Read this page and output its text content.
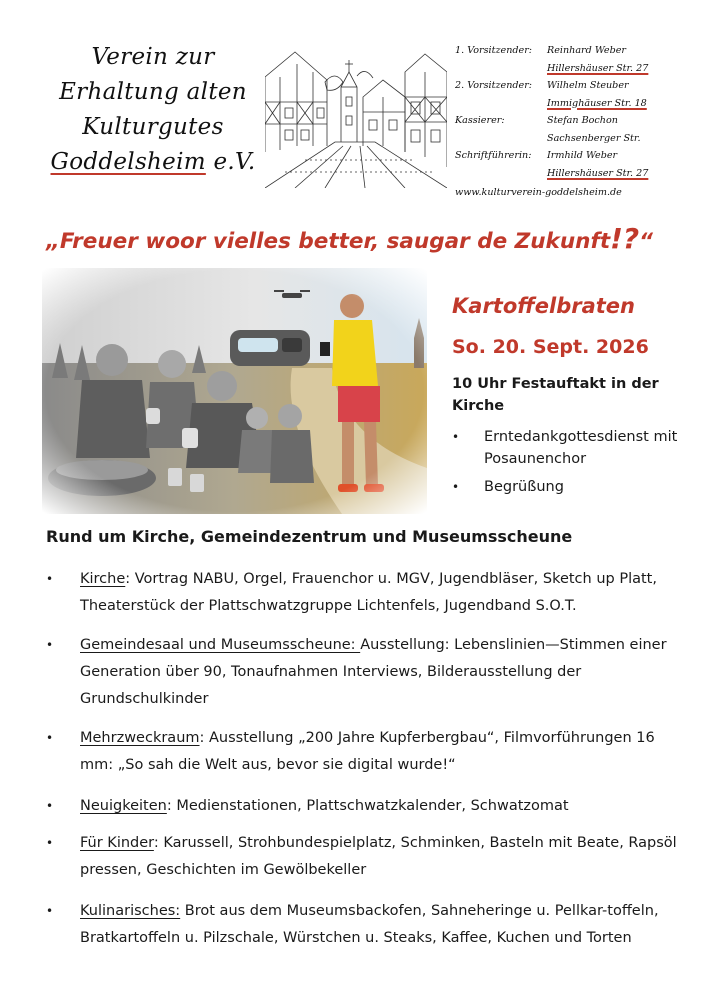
Verein zur
Erhaltung alten
Kulturgutes
Goddelsheim e.V.
1. Vorsitzender:	Reinhard Weber
Hillershäuser Str. 27
2. Vorsitzender:	Wilhelm Steuber
Immighäuser Str. 18
Kassierer:	Stefan Bochon
Sachsenberger Str.
Schriftführerin:	Irmhild Weber
Hillershäuser Str. 27
www.kulturverein-goddelsheim.de
„Freuer woor vielles better, saugar de Zukunft!?“
Kartoffelbraten
So. 20. Sept. 2026
10 Uhr Festauftakt in der Kirche
• Erntedankgottesdienst mit Posaunenchor
• Begrüßung
Rund um Kirche, Gemeindezentrum und Museumsscheune
• Kirche: Vortrag NABU, Orgel, Frauenchor u. MGV, Jugendbläser, Sketch up Platt, Theaterstück der Plattschwatzgruppe Lichtenfels, Jugendband S.O.T.
• Gemeindesaal und Museumsscheune: Ausstellung: Lebenslinien—Stimmen einer Generation über 90, Tonaufnahmen Interviews, Bilderausstellung der Grundschulkinder
• Mehrzweckraum: Ausstellung „200 Jahre Kupferbergbau“, Filmvorführungen 16 mm: „So sah die Welt aus, bevor sie digital wurde!“
• Neuigkeiten: Medienstationen, Plattschwatzkalender, Schwatzomat
• Für Kinder: Karussell, Strohbundespielplatz, Schminken, Basteln mit Beate, Rapsöl pressen, Geschichten im Gewölbekeller
• Kulinarisches: Brot aus dem Museumsbackofen, Sahneheringe u. Pellkar-toffeln, Bratkartoffeln u. Pilzschale, Würstchen u. Steaks, Kaffee, Kuchen und Torten
